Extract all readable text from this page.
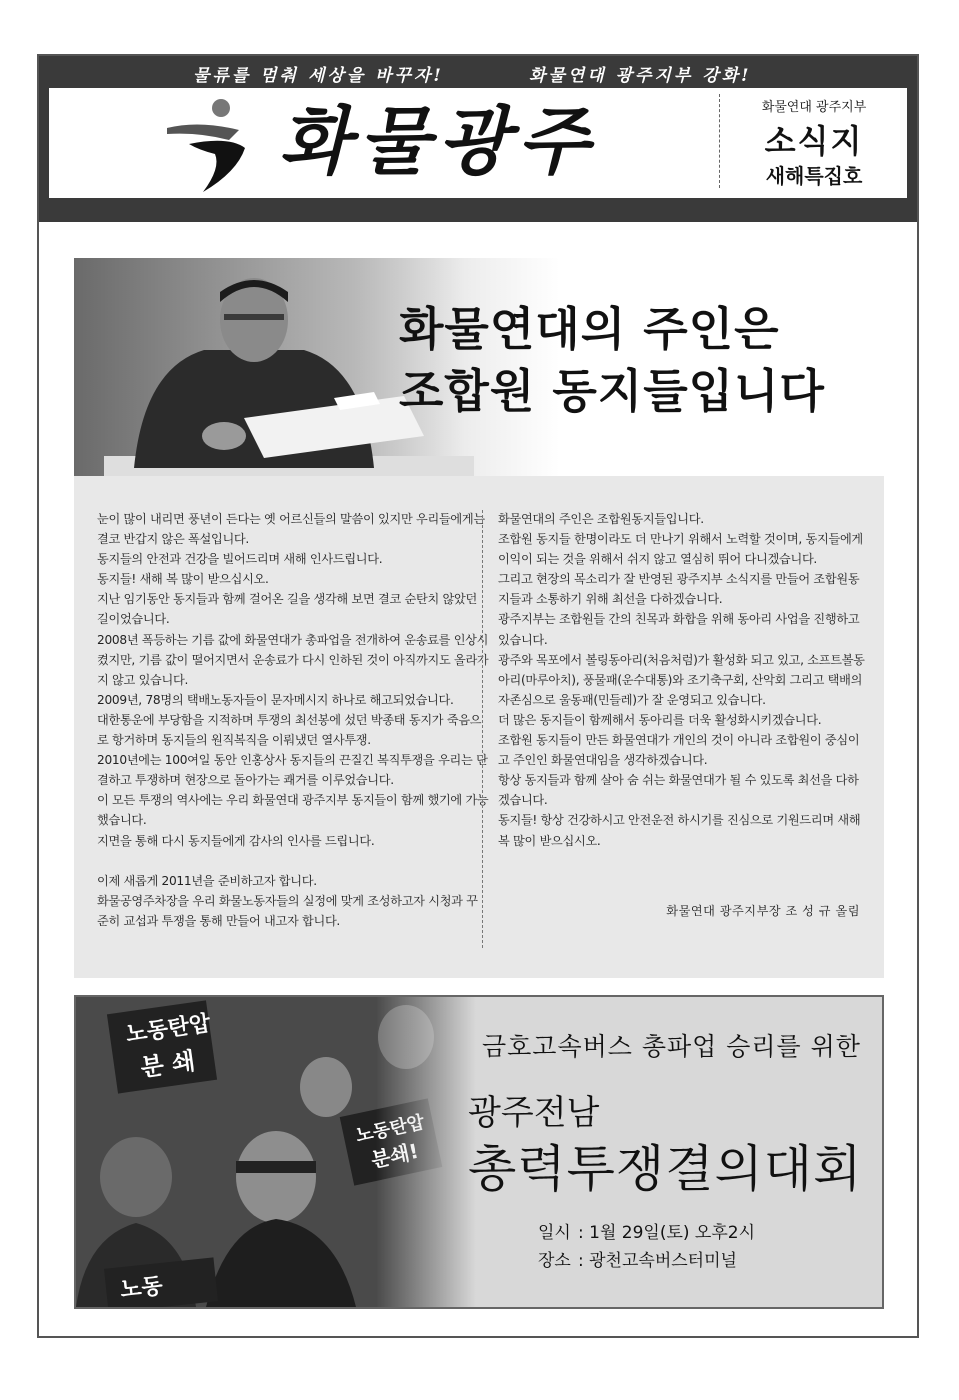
물류를 멈춰 세상을 바꾸자!	화물연대 광주지부 강화!
화물광주	화물연대 광주지부
소식지
새해특집호
화물연대의 주인은
조합원 동지들입니다

눈이 많이 내리면 풍년이 든다는 옛 어르신들의 말씀이 있지만 우리들에게는 결코 반갑지 않은 폭설입니다.

동지들의 안전과 건강을 빌어드리며 새해 인사드립니다.

동지들! 새해 복 많이 받으십시오.

지난 임기동안 동지들과 함께 걸어온 길을 생각해 보면 결코 순탄치 않았던 길이었습니다.

2008년 폭등하는 기름 값에 화물연대가 총파업을 전개하여 운송료를 인상시켰지만, 기름 값이 떨어지면서 운송료가 다시 인하된 것이 아직까지도 올라가지 않고 있습니다.

2009년, 78명의 택배노동자들이 문자메시지 하나로 해고되었습니다.

대한통운에 부당함을 지적하며 투쟁의 최선봉에 섰던 박종태 동지가 죽음으로 항거하며 동지들의 원직복직을 이뤄냈던 열사투쟁.

2010년에는 100여일 동안 인홍상사 동지들의 끈질긴 복직투쟁을 우리는 단결하고 투쟁하며 현장으로 돌아가는 쾌거를 이루었습니다.

이 모든 투쟁의 역사에는 우리 화물연대 광주지부 동지들이 함께 했기에 가능했습니다.

지면을 통해 다시 동지들에게 감사의 인사를 드립니다.

이제 새롭게 2011년을 준비하고자 합니다.

화물공영주차장을 우리 화물노동자들의 실정에 맞게 조성하고자 시청과 꾸준히 교섭과 투쟁을 통해 만들어 내고자 합니다.

화물연대의 주인은 조합원동지들입니다.

조합원 동지들 한명이라도 더 만나기 위해서 노력할 것이며, 동지들에게 이익이 되는 것을 위해서 쉬지 않고 열심히 뛰어 다니겠습니다.

그리고 현장의 목소리가 잘 반영된 광주지부 소식지를 만들어 조합원동지들과 소통하기 위해 최선을 다하겠습니다.

광주지부는 조합원들 간의 친목과 화합을 위해 동아리 사업을 진행하고 있습니다.

광주와 목포에서 볼링동아리(처음처럼)가 활성화 되고 있고, 소프트볼동아리(마루아치), 풍물패(운수대통)와 조기축구회, 산악회 그리고 택배의 자존심으로 울동패(민들레)가 잘 운영되고 있습니다.

더 많은 동지들이 함께해서 동아리를 더욱 활성화시키겠습니다.

조합원 동지들이 만든 화물연대가 개인의 것이 아니라 조합원이 중심이고 주인인 화물연대임을 생각하겠습니다.

항상 동지들과 함께 살아 숨 쉬는 화물연대가 될 수 있도록 최선을 다하겠습니다.

동지들! 항상 건강하시고 안전운전 하시기를 진심으로 기원드리며 새해 복 많이 받으십시오.

화물연대 광주지부장 조 성 규 올림
금호고속버스 총파업 승리를 위한
광주전남
총력투쟁결의대회
일시 : 1월 29일(토) 오후2시
장소 : 광천고속버스터미널
